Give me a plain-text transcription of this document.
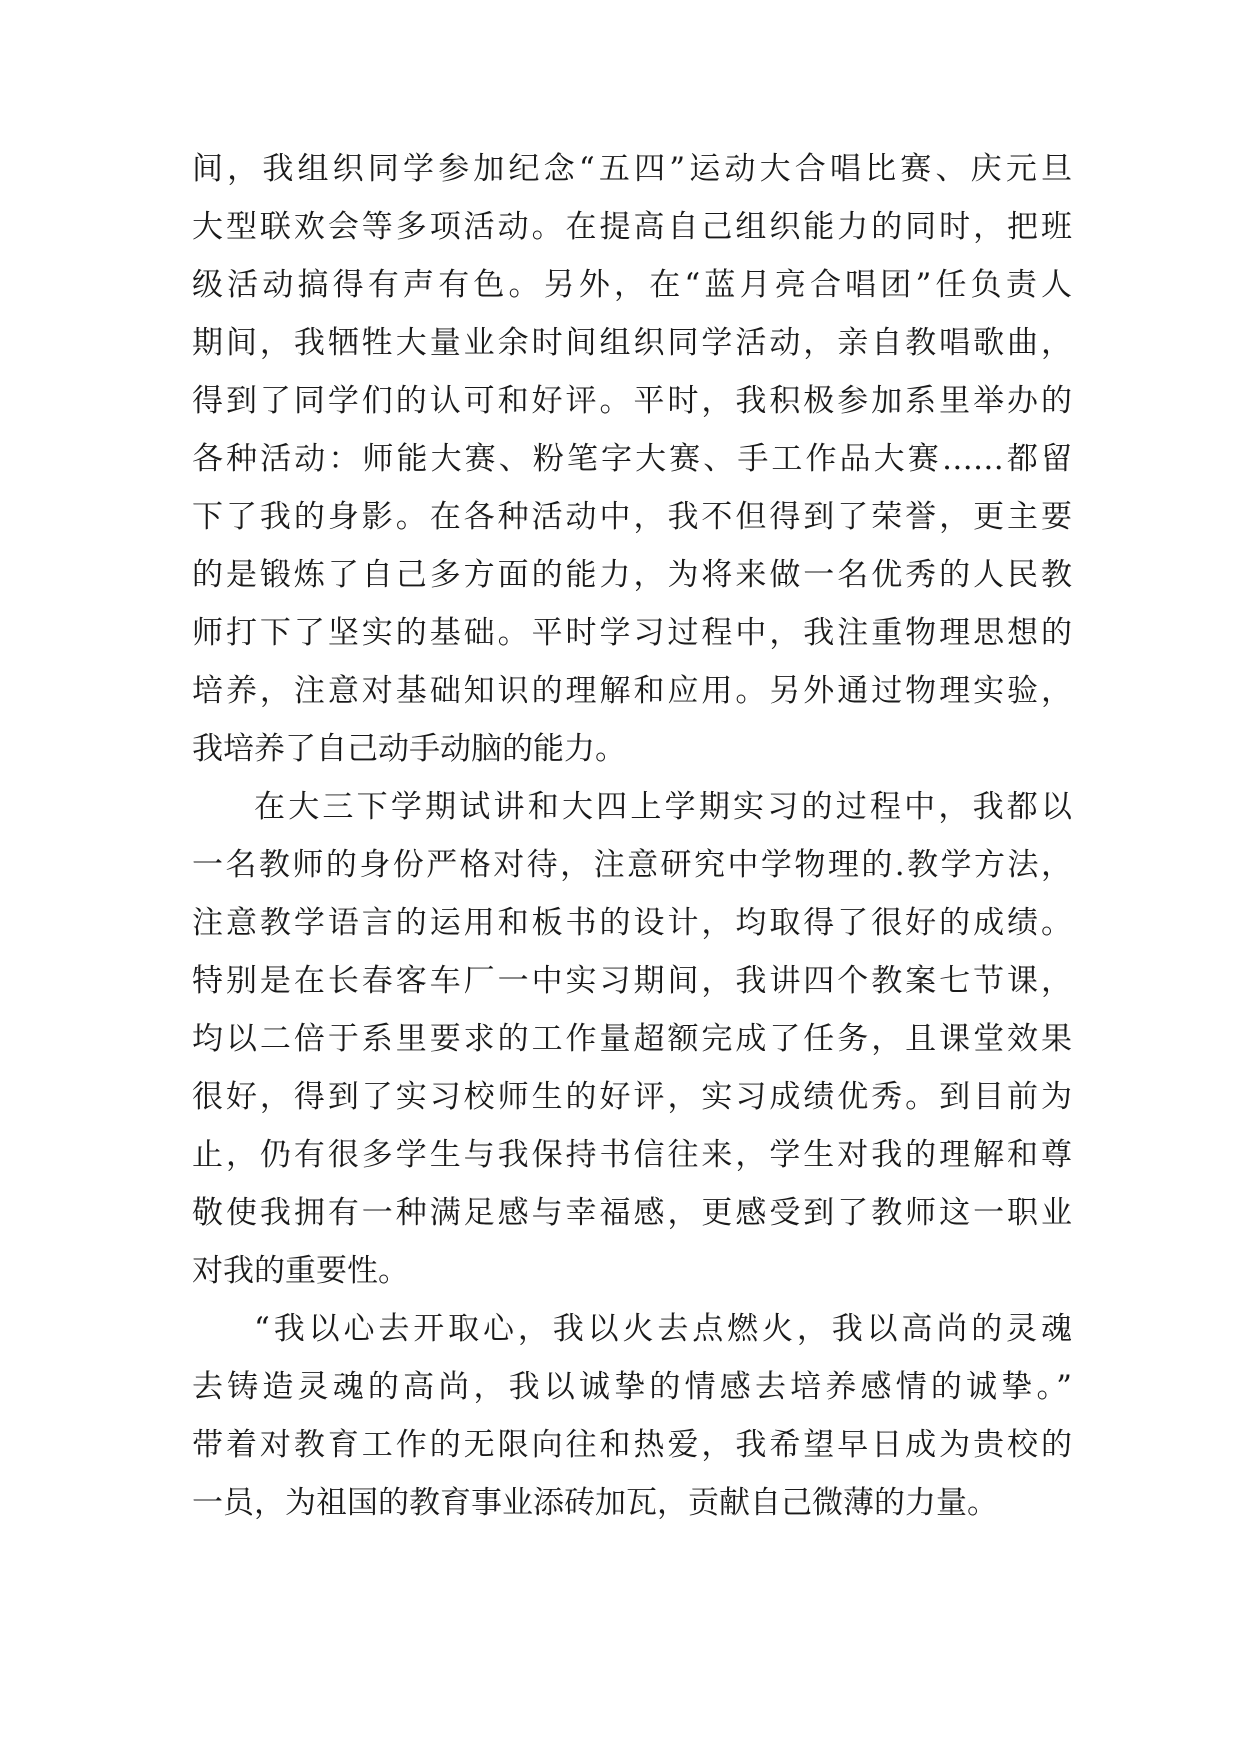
间，我组织同学参加纪念“五四”运动大合唱比赛、庆元旦
大型联欢会等多项活动。在提高自己组织能力的同时，把班
级活动搞得有声有色。另外，在“蓝月亮合唱团”任负责人
期间，我牺牲大量业余时间组织同学活动，亲自教唱歌曲，
得到了同学们的认可和好评。平时，我积极参加系里举办的
各种活动：师能大赛、粉笔字大赛、手工作品大赛……都留
下了我的身影。在各种活动中，我不但得到了荣誉，更主要
的是锻炼了自己多方面的能力，为将来做一名优秀的人民教
师打下了坚实的基础。平时学习过程中，我注重物理思想的
培养，注意对基础知识的理解和应用。另外通过物理实验，
我培养了自己动手动脑的能力。
在大三下学期试讲和大四上学期实习的过程中，我都以
一名教师的身份严格对待，注意研究中学物理的.教学方法，
注意教学语言的运用和板书的设计，均取得了很好的成绩。
特别是在长春客车厂一中实习期间，我讲四个教案七节课，
均以二倍于系里要求的工作量超额完成了任务，且课堂效果
很好，得到了实习校师生的好评，实习成绩优秀。到目前为
止，仍有很多学生与我保持书信往来，学生对我的理解和尊
敬使我拥有一种满足感与幸福感，更感受到了教师这一职业
对我的重要性。
“我以心去开取心，我以火去点燃火，我以高尚的灵魂
去铸造灵魂的高尚，我以诚挚的情感去培养感情的诚挚。”
带着对教育工作的无限向往和热爱，我希望早日成为贵校的
一员，为祖国的教育事业添砖加瓦，贡献自己微薄的力量。
